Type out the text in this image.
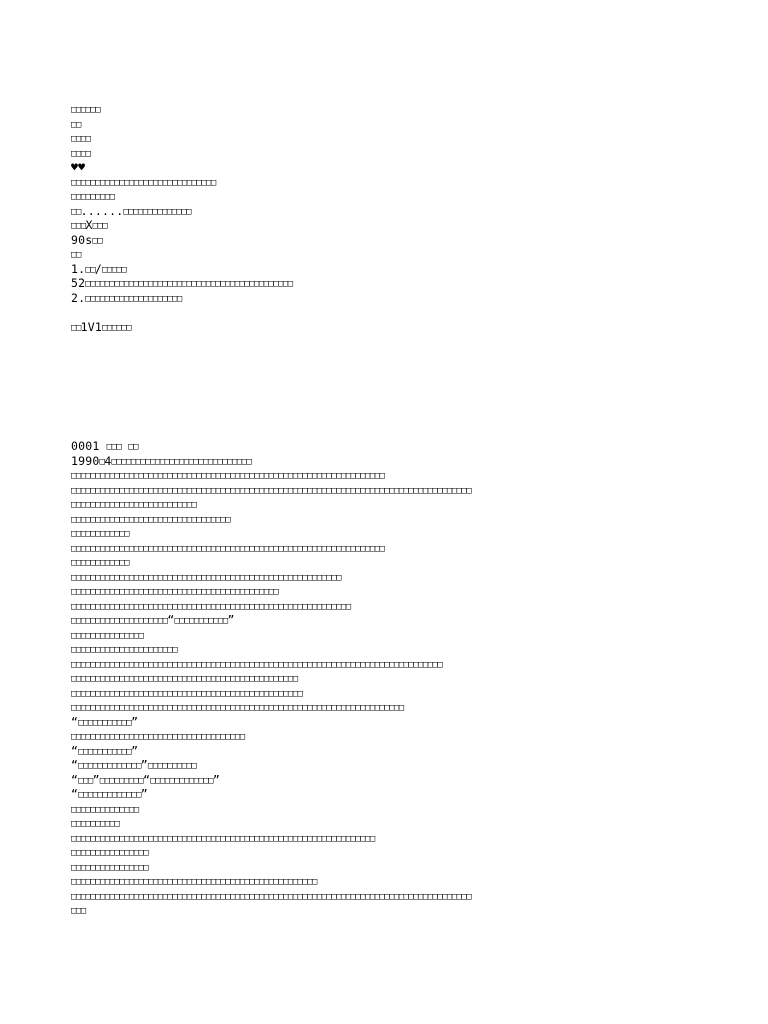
□□□□□□
□□
□□□□
□□□□
♥♥
□□□□□□□□□□□□□□□□□□□□□□□□□□□□□□
□□□□□□□□□
□□......□□□□□□□□□□□□□□
□□□X□□□
90s□□
□□
1.□□/□□□□□
52□□□□□□□□□□□□□□□□□□□□□□□□□□□□□□□□□□□□□□□□□□□
2.□□□□□□□□□□□□□□□□□□□□
□□1V1□□□□□□
0001 □□□ □□
1990□4□□□□□□□□□□□□□□□□□□□□□□□□□□□□□
□□□□□□□□□□□□□□□□□□□□□□□□□□□□□□□□□□□□□□□□□□□□□□□□□□□□□□□□□□□□□□□□□
□□□□□□□□□□□□□□□□□□□□□□□□□□□□□□□□□□□□□□□□□□□□□□□□□□□□□□□□□□□□□□□□□□□□□□□□□□□□□□□□□□□
□□□□□□□□□□□□□□□□□□□□□□□□□□
□□□□□□□□□□□□□□□□□□□□□□□□□□□□□□□□□
□□□□□□□□□□□□
□□□□□□□□□□□□□□□□□□□□□□□□□□□□□□□□□□□□□□□□□□□□□□□□□□□□□□□□□□□□□□□□□
□□□□□□□□□□□□
□□□□□□□□□□□□□□□□□□□□□□□□□□□□□□□□□□□□□□□□□□□□□□□□□□□□□□□□
□□□□□□□□□□□□□□□□□□□□□□□□□□□□□□□□□□□□□□□□□□□
□□□□□□□□□□□□□□□□□□□□□□□□□□□□□□□□□□□□□□□□□□□□□□□□□□□□□□□□□□
□□□□□□□□□□□□□□□□□□□□“□□□□□□□□□□□”
□□□□□□□□□□□□□□□
□□□□□□□□□□□□□□□□□□□□□□
□□□□□□□□□□□□□□□□□□□□□□□□□□□□□□□□□□□□□□□□□□□□□□□□□□□□□□□□□□□□□□□□□□□□□□□□□□□□□
□□□□□□□□□□□□□□□□□□□□□□□□□□□□□□□□□□□□□□□□□□□□□□□
□□□□□□□□□□□□□□□□□□□□□□□□□□□□□□□□□□□□□□□□□□□□□□□□
□□□□□□□□□□□□□□□□□□□□□□□□□□□□□□□□□□□□□□□□□□□□□□□□□□□□□□□□□□□□□□□□□□□□□
“□□□□□□□□□□□”
□□□□□□□□□□□□□□□□□□□□□□□□□□□□□□□□□□□□
“□□□□□□□□□□□”
“□□□□□□□□□□□□□”□□□□□□□□□□
“□□□”□□□□□□□□□“□□□□□□□□□□□□□”
“□□□□□□□□□□□□□”
□□□□□□□□□□□□□□
□□□□□□□□□□
□□□□□□□□□□□□□□□□□□□□□□□□□□□□□□□□□□□□□□□□□□□□□□□□□□□□□□□□□□□□□□□
□□□□□□□□□□□□□□□□
□□□□□□□□□□□□□□□□
□□□□□□□□□□□□□□□□□□□□□□□□□□□□□□□□□□□□□□□□□□□□□□□□□□□
□□□□□□□□□□□□□□□□□□□□□□□□□□□□□□□□□□□□□□□□□□□□□□□□□□□□□□□□□□□□□□□□□□□□□□□□□□□□□□□□□□□
□□□
